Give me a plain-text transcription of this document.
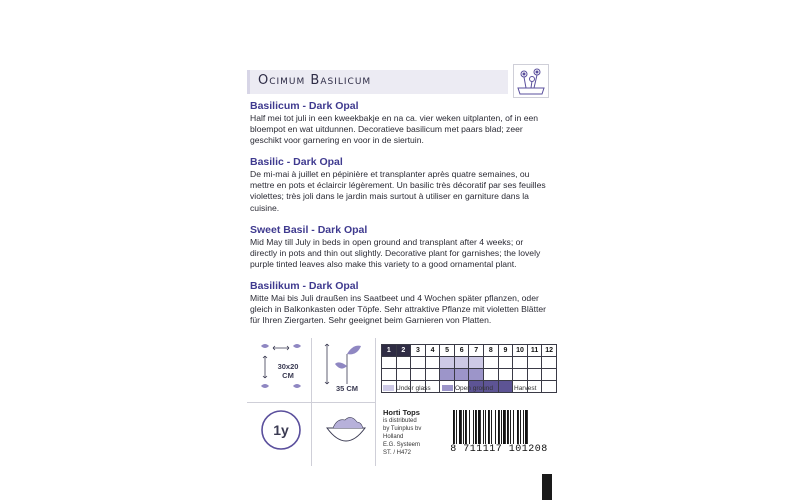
Ocimum Basilicum
Basilicum - Dark Opal

Half mei tot juli in een kweekbakje en na ca. vier weken uitplanten, of in een bloempot en wat uitdunnen. Decoratieve basilicum met paars blad; zeer geschikt voor garnering en voor in de siertuin.

Basilic - Dark Opal

De mi-mai à juillet en pépinière et transplanter après quatre semaines, ou mettre en pots et éclaircir légèrement. Un basilic très décoratif par ses feuilles violettes; très joli dans le jardin mais surtout à utiliser en garniture dans la cuisine.

Sweet Basil - Dark Opal

Mid May till July in beds in open ground and transplant after 4 weeks; or directly in pots and thin out slightly. Decorative plant for garnishes; the lovely purple tinted leaves also make this variety to a good ornamental plant.

Basilikum - Dark Opal

Mitte Mai bis Juli draußen ins Saatbeet und 4 Wochen später pflanzen, oder gleich in Balkonkasten oder Töpfe. Sehr attraktive Pflanze mit violetten Blätter für Ihren Ziergarten. Sehr geeignet beim Garnieren von Platten.

30x20
CM
35 CM
1y
1	2	3	4	5	6	7	8	9	10	11	12

Under glass	Open ground	Harvest
Horti Tops
is distributed
by Tuinplus bv
Holland
E.G. Systeem
ST. / H472	8 711117 101208
